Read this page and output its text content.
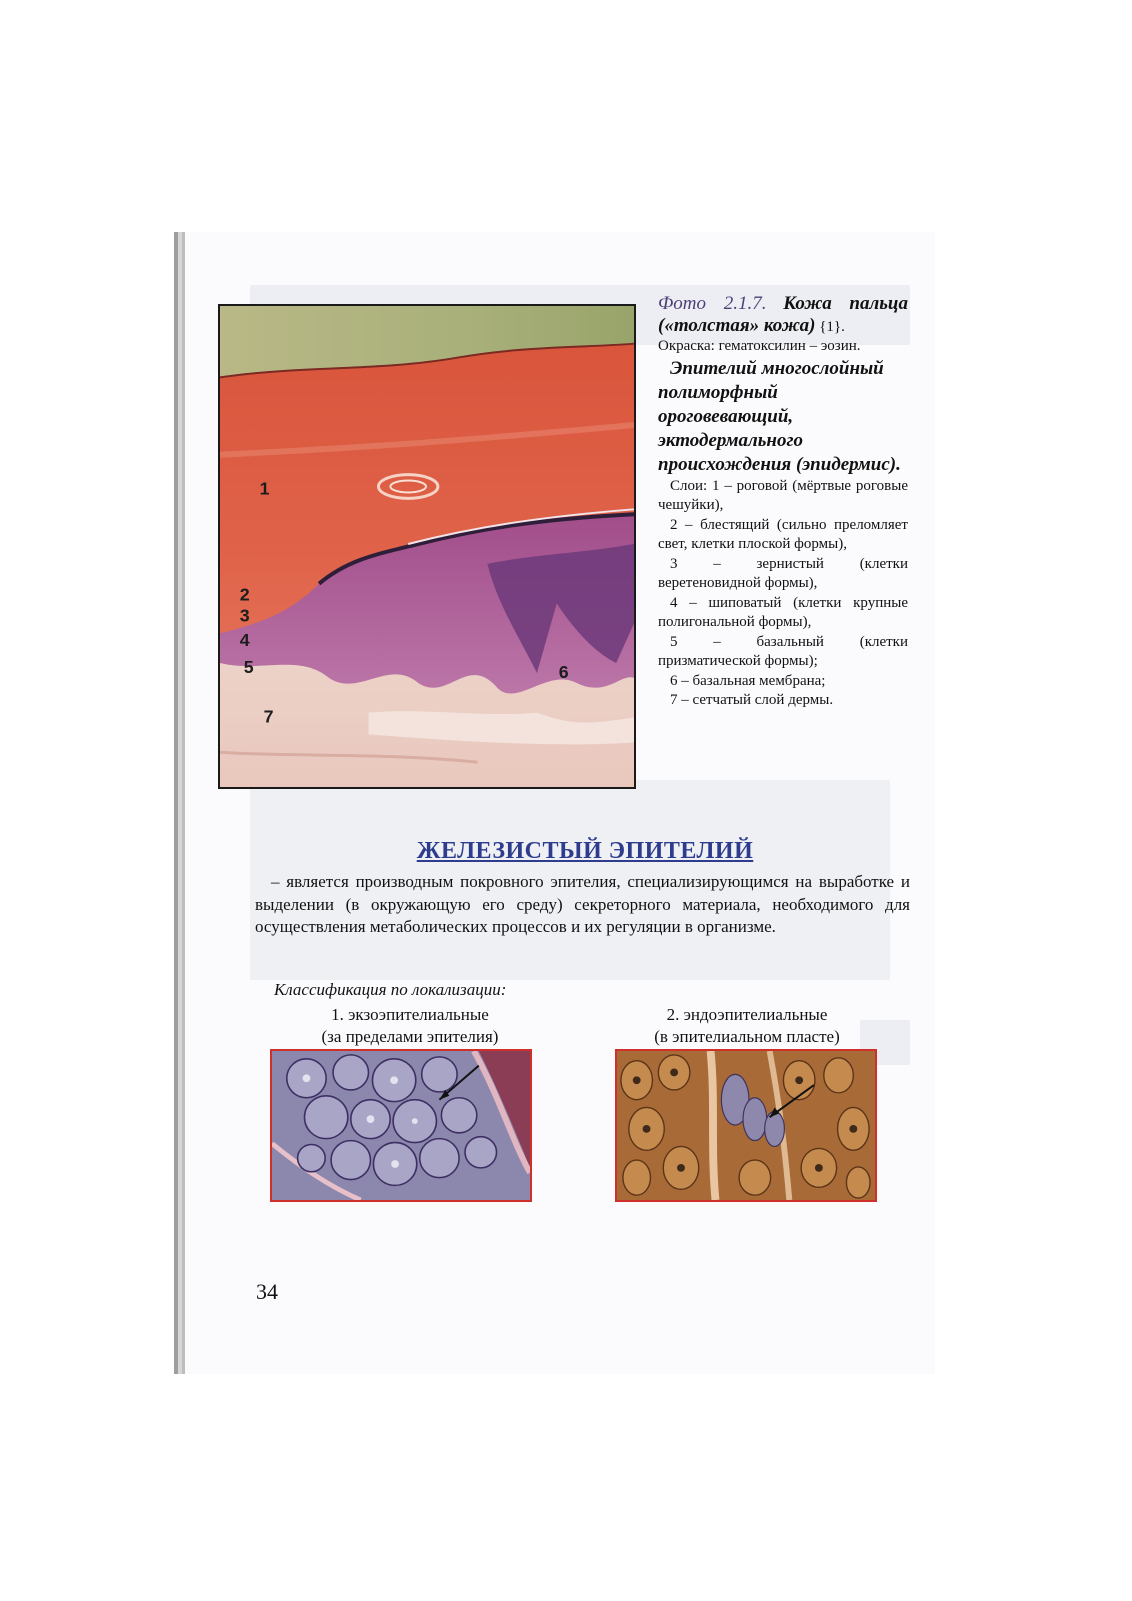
1
2
3
4
5	6
7

Фото 2.1.7. Кожа пальца («толстая» кожа) {1}.

Окраска: гематоксилин – эозин.

Эпителий многослойный полиморфный ороговевающий, эктодермального происхождения (эпидермис).

Слои: 1 – роговой (мёртвые роговые чешуйки),

2 – блестящий (сильно преломляет свет, клетки плоской формы),

3 – зернистый (клетки веретеновидной формы),

4 – шиповатый (клетки крупные полигональной формы),

5 – базальный (клетки призматической формы);

6 – базальная мембрана;

7 – сетчатый слой дермы.

ЖЕЛЕЗИСТЫЙ ЭПИТЕЛИЙ
– является производным покровного эпителия, специализирующимся на выработке и выделении (в окружающую его среду) секреторного материала, необходимого для осуществления метаболических процессов и их регуляции в организме.
Классификация по локализации:
1. экзоэпителиальные
(за пределами эпителия)
2. эндоэпителиальные
(в эпителиальном пласте)

34
